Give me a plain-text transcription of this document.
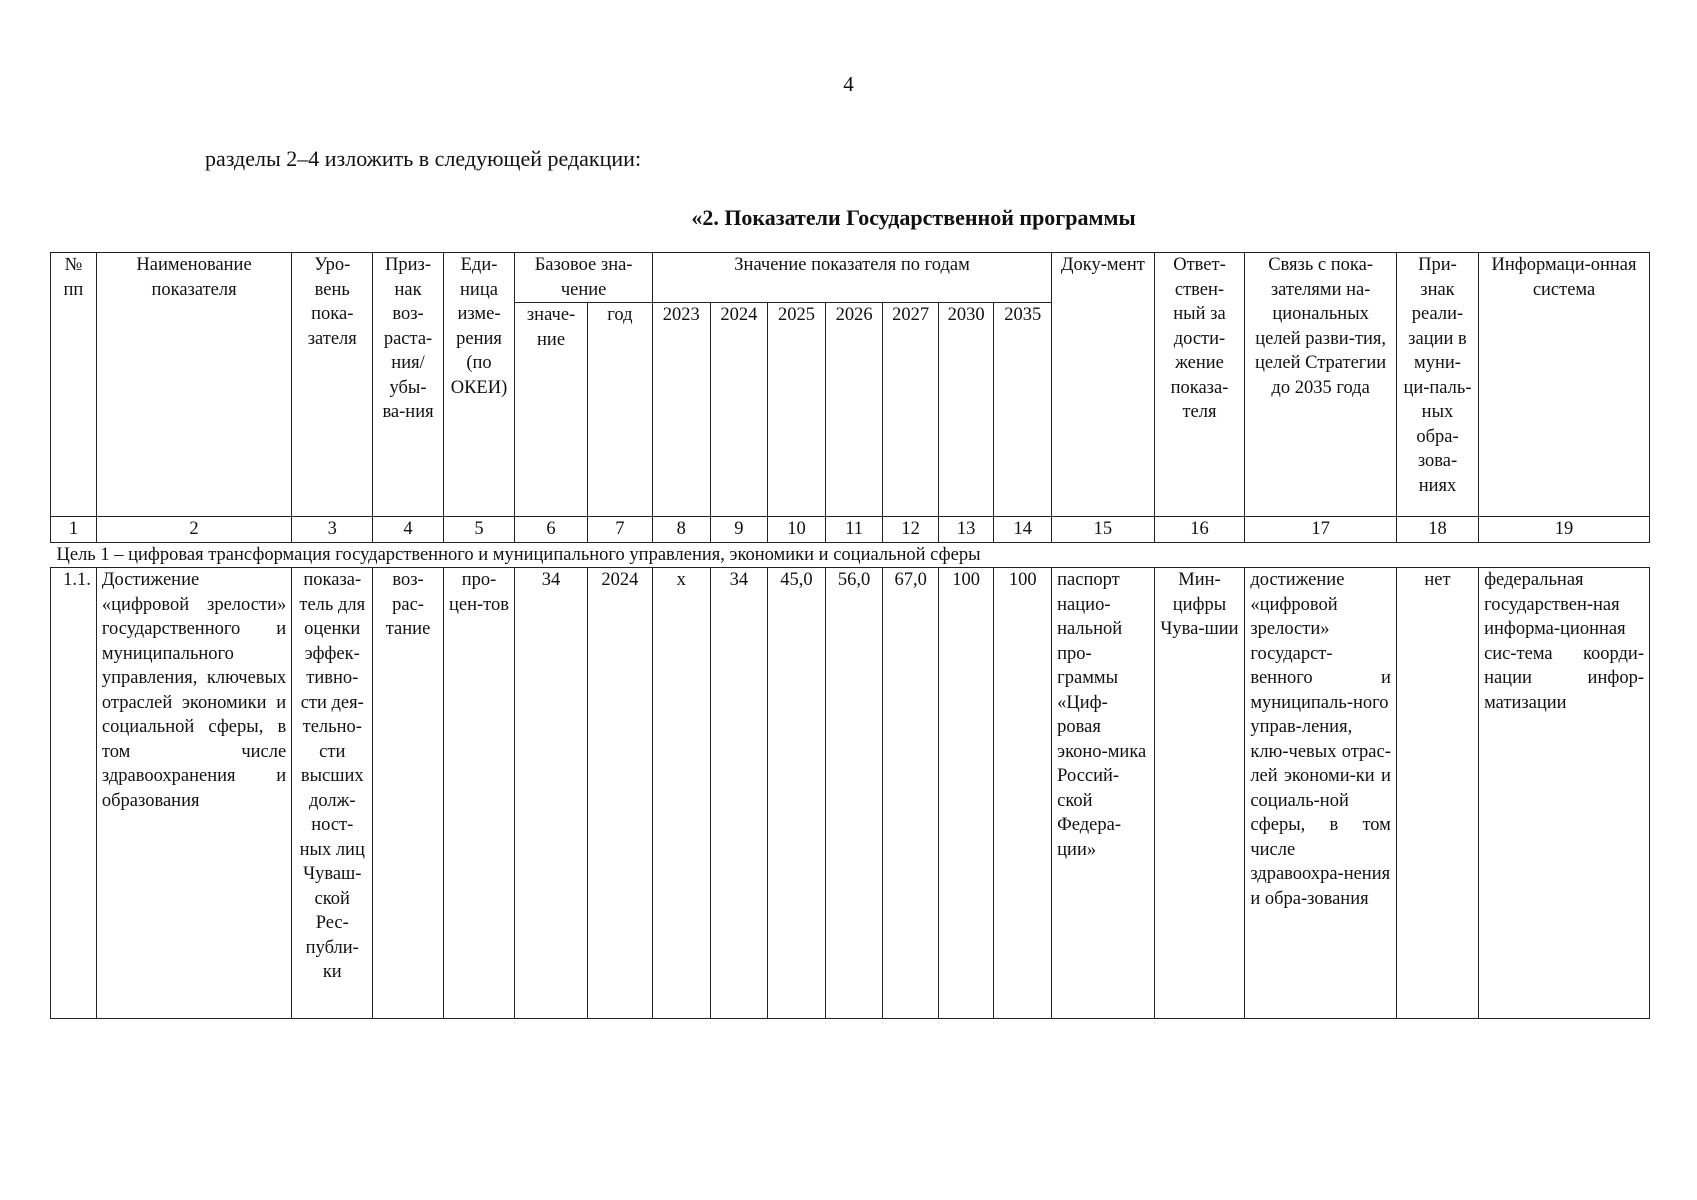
4
разделы 2–4 изложить в следующей редакции:
«2. Показатели Государственной программы
№ пп	Наименование показателя	Уро-вень пока-зателя	Приз-нак воз-раста-ния/ убы-ва-ния	Еди-ница изме-рения (по ОКЕИ)	Базовое зна-чение		Значение показателя по годам							Доку-мент	Ответ-ствен-ный за дости-жение показа-теля	Связь с пока-зателями на-циональных целей разви-тия, целей Стратегии до 2035 года	При-знак реали-зации в муни-ци-паль-ных обра-зова-ниях	Информаци-онная система
					значе-ние	год	2023	2024	2025	2026	2027	2030	2035					
1	2	3	4	5	6	7	8	9	10	11	12	13	14	15	16	17	18	19
Цель 1 – цифровая трансформация государственного и муниципального управления, экономики и социальной сферы																		
1.1.	Достижение «цифровой зрелости» государственного и муниципального управления, ключевых отраслей экономики и социальной сферы, в том числе здравоохранения и образования	показа-тель для оценки эффек-тивно-сти дея-тельно-сти высших долж-ност-ных лиц Чуваш-ской Рес-публи-ки	воз-рас-тание	про-цен-тов	34	2024	х	34	45,0	56,0	67,0	100	100	паспорт нацио-нальной про-граммы «Циф-ровая эконо-мика Россий-ской Федера-ции»	Мин-цифры Чува-шии	достижение «цифровой зрелости» государст-венного и муниципаль-ного управ-ления, клю-чевых отрас-лей экономи-ки и социаль-ной сферы, в том числе здравоохра-нения и обра-зования	нет	федеральная государствен-ная информа-ционная сис-тема коорди-нации инфор-матизации
